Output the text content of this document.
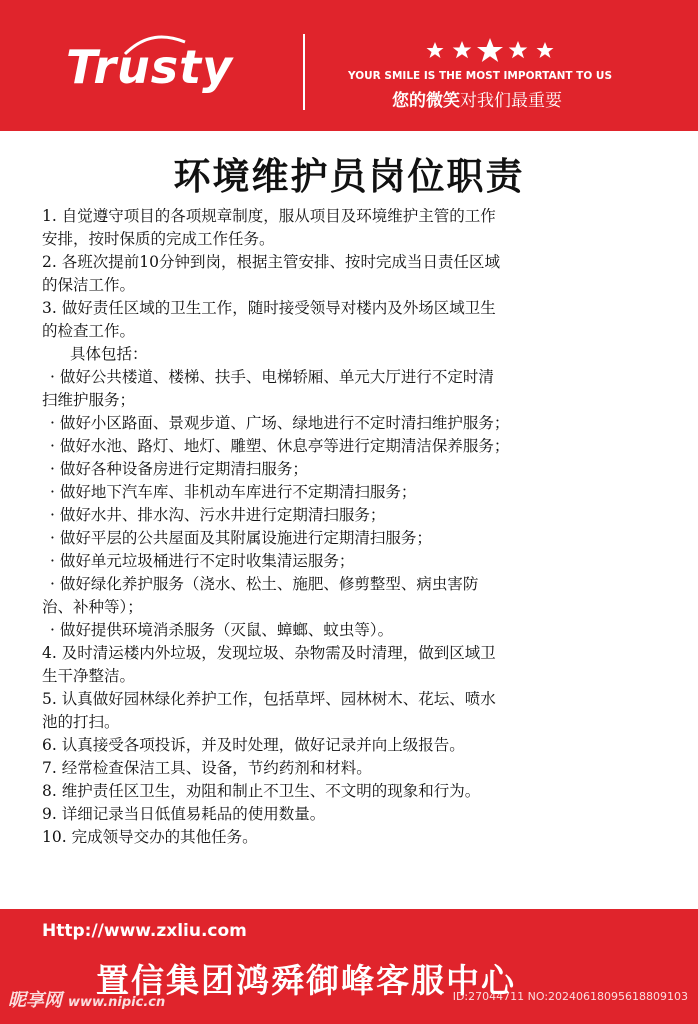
Trusty	YOUR SMILE IS THE MOST IMPORTANT TO US
您的微笑对我们最重要
环境维护员岗位职责
1. 自觉遵守项目的各项规章制度，服从项目及环境维护主管的工作
安排，按时保质的完成工作任务。
2. 各班次提前10分钟到岗，根据主管安排、按时完成当日责任区域
的保洁工作。
3. 做好责任区域的卫生工作，随时接受领导对楼内及外场区域卫生
的检查工作。
具体包括：
· 做好公共楼道、楼梯、扶手、电梯轿厢、单元大厅进行不定时清
扫维护服务；
· 做好小区路面、景观步道、广场、绿地进行不定时清扫维护服务；
· 做好水池、路灯、地灯、雕塑、休息亭等进行定期清洁保养服务；
· 做好各种设备房进行定期清扫服务；
· 做好地下汽车库、非机动车库进行不定期清扫服务；
· 做好水井、排水沟、污水井进行定期清扫服务；
· 做好平层的公共屋面及其附属设施进行定期清扫服务；
· 做好单元垃圾桶进行不定时收集清运服务；
· 做好绿化养护服务（浇水、松土、施肥、修剪整型、病虫害防
治、补种等）；
· 做好提供环境消杀服务（灭鼠、蟑螂、蚊虫等）。
4. 及时清运楼内外垃圾，发现垃圾、杂物需及时清理，做到区域卫
生干净整洁。
5. 认真做好园林绿化养护工作，包括草坪、园林树木、花坛、喷水
池的打扫。
6. 认真接受各项投诉，并及时处理，做好记录并向上级报告。
7. 经常检查保洁工具、设备，节约药剂和材料。
8. 维护责任区卫生，劝阻和制止不卫生、不文明的现象和行为。
9. 详细记录当日低值易耗品的使用数量。
10. 完成领导交办的其他任务。
Http://www.zxliu.com
置信集团鸿舜御峰客服中心
昵享网 www.nipic.cn	ID:27044711 NO:20240618095618809103
